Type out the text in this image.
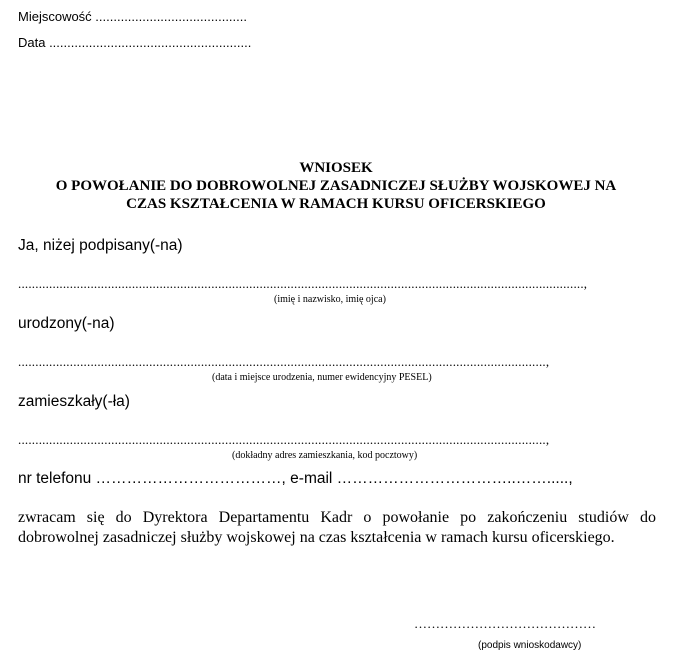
Miejscowość ..........................................
Data ........................................................
WNIOSEK
O POWOŁANIE DO DOBROWOLNEJ ZASADNICZEJ SŁUŻBY WOJSKOWEJ NA
CZAS KSZTAŁCENIA W RAMACH KURSU OFICERSKIEGO
Ja, niżej podpisany(-na)
....................................................................................................................................................................,
(imię i nazwisko, imię ojca)
urodzony(-na)
.........................................................................................................................................................,
(data i miejsce urodzenia, numer ewidencyjny PESEL)
zamieszkały(-ła)
.........................................................................................................................................................,
(dokładny adres zamieszkania, kod pocztowy)
nr telefonu ………………………………, e-mail ……………………………..…….....,
zwracam się do Dyrektora Departamentu Kadr o powołanie po zakończeniu studiów do
dobrowolnej zasadniczej służby wojskowej na czas kształcenia w ramach kursu oficerskiego.
……………………………………
(podpis wnioskodawcy)
